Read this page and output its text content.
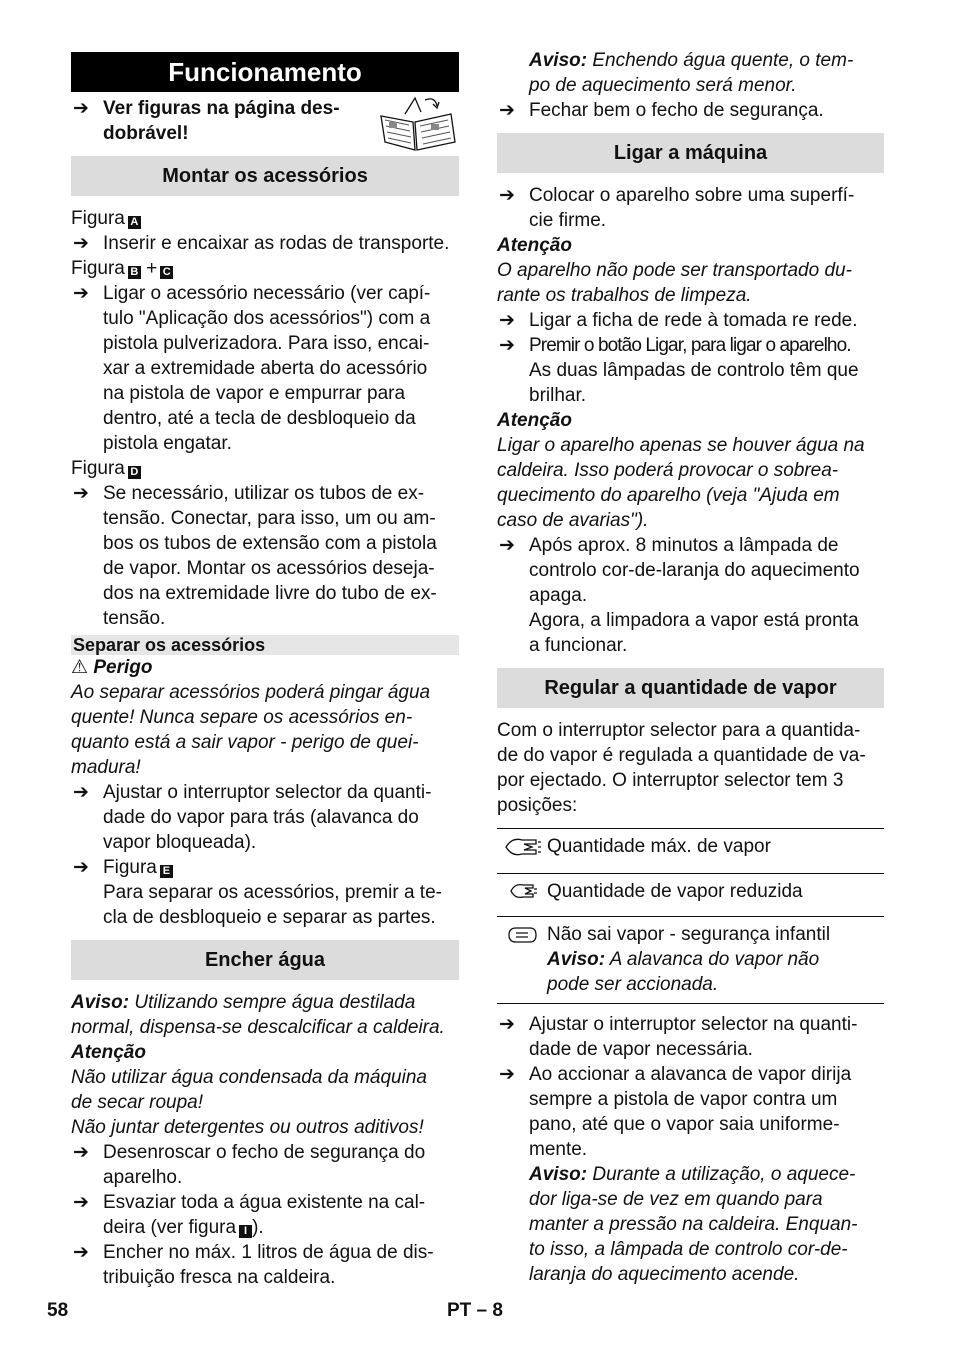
Funcionamento
➔ Ver figuras na página des-
dobrável!
Montar os acessórios

Figura A

➔ Inserir e encaixar as rodas de transporte.

Figura B + C

➔ Ligar o acessório necessário (ver capí-
tulo "Aplicação dos acessórios") com a
pistola pulverizadora. Para isso, encai-
xar a extremidade aberta do acessório
na pistola de vapor e empurrar para
dentro, até a tecla de desbloqueio da
pistola engatar.

Figura D

➔ Se necessário, utilizar os tubos de ex-
tensão. Conectar, para isso, um ou am-
bos os tubos de extensão com a pistola
de vapor. Montar os acessórios deseja-
dos na extremidade livre do tubo de ex-
tensão.
Separar os acessórios

⚠ Perigo

Ao separar acessórios poderá pingar água
quente! Nunca separe os acessórios en-
quanto está a sair vapor - perigo de quei-
madura!

➔ Ajustar o interruptor selector da quanti-
dade do vapor para trás (alavanca do
vapor bloqueada).
➔ Figura E
Para separar os acessórios, premir a te-
cla de desbloqueio e separar as partes.
Encher água

Aviso: Utilizando sempre água destilada
normal, dispensa-se descalcificar a caldeira.

Atenção

Não utilizar água condensada da máquina
de secar roupa!
Não juntar detergentes ou outros aditivos!

➔ Desenroscar o fecho de segurança do
aparelho.
➔ Esvaziar toda a água existente na cal-
deira (ver figura I ).
➔ Encher no máx. 1 litros de água de dis-
tribuição fresca na caldeira.

Aviso: Enchendo água quente, o tem-
po de aquecimento será menor.

➔ Fechar bem o fecho de segurança.
Ligar a máquina
➔ Colocar o aparelho sobre uma superfí-
cie firme.

Atenção

O aparelho não pode ser transportado du-
rante os trabalhos de limpeza.

➔ Ligar a ficha de rede à tomada re rede.
➔ Premir o botão Ligar, para ligar o aparelho.
As duas lâmpadas de controlo têm que
brilhar.

Atenção

Ligar o aparelho apenas se houver água na
caldeira. Isso poderá provocar o sobrea-
quecimento do aparelho (veja "Ajuda em
caso de avarias").

➔ Após aprox. 8 minutos a lâmpada de
controlo cor-de-laranja do aquecimento
apaga.
Agora, a limpadora a vapor está pronta
a funcionar.
Regular a quantidade de vapor

Com o interruptor selector para a quantida-
de do vapor é regulada a quantidade de va-
por ejectado. O interruptor selector tem 3
posições:

	Quantidade máx. de vapor
	Quantidade de vapor reduzida
	Não sai vapor - segurança infantil
Aviso: A alavanca do vapor não
pode ser accionada.
➔ Ajustar o interruptor selector na quanti-
dade de vapor necessária.
➔ Ao accionar a alavanca de vapor dirija
sempre a pistola de vapor contra um
pano, até que o vapor saia uniforme-
mente.

Aviso: Durante a utilização, o aquece-
dor liga-se de vez em quando para
manter a pressão na caldeira. Enquan-
to isso, a lâmpada de controlo cor-de-
laranja do aquecimento acende.

58	PT – 8
